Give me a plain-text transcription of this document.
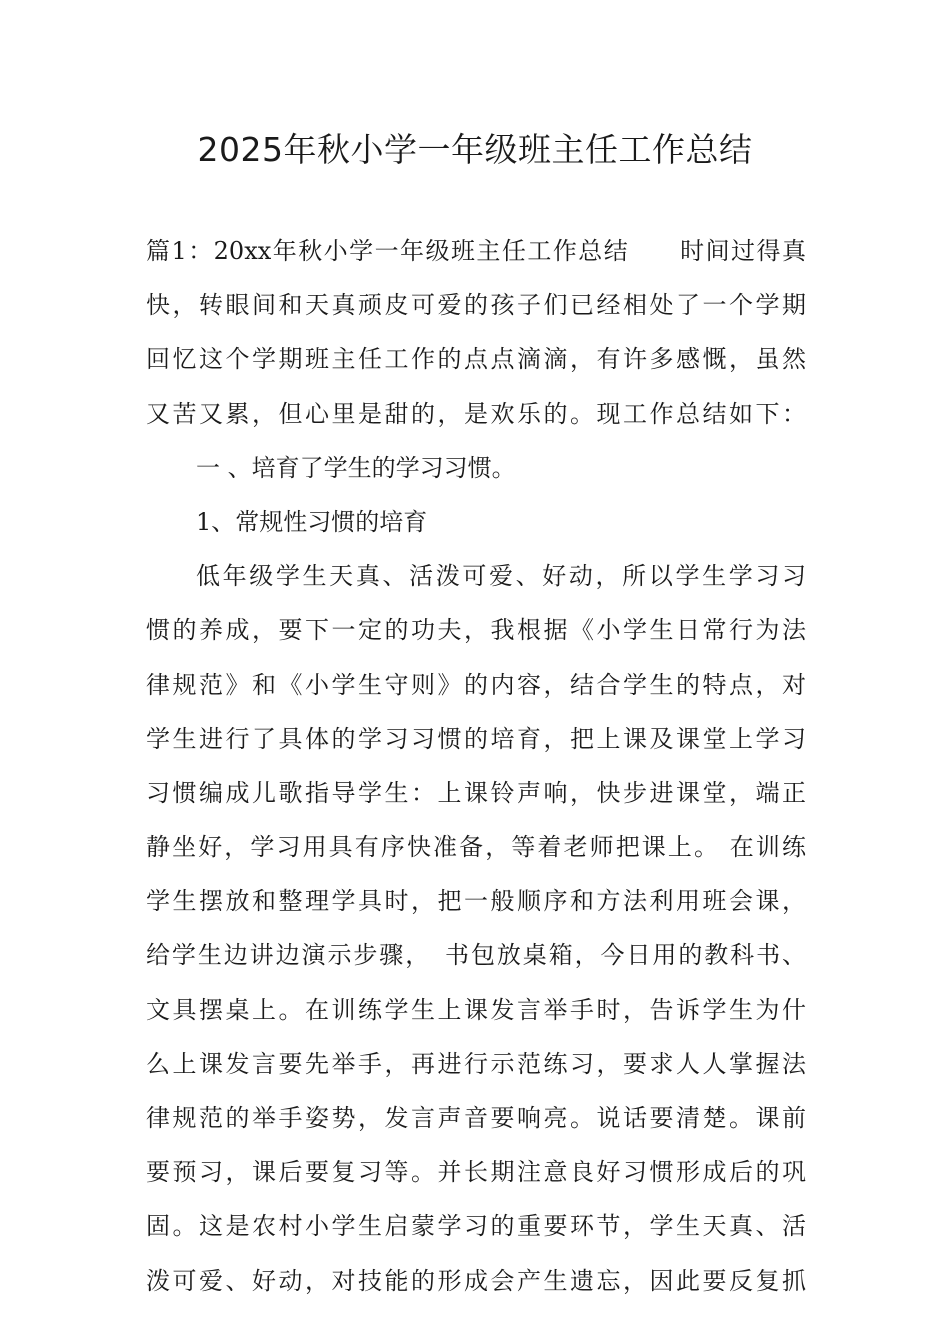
2025年秋小学一年级班主任工作总结
篇1：20xx年秋小学一年级班主任工作总结　　时间过得真
快，转眼间和天真顽皮可爱的孩子们已经相处了一个学期
回忆这个学期班主任工作的点点滴滴，有许多感慨，虽然
又苦又累，但心里是甜的，是欢乐的。现工作总结如下：
一 、培育了学生的学习习惯。
1、常规性习惯的培育
低年级学生天真、活泼可爱、好动，所以学生学习习
惯的养成，要下一定的功夫，我根据《小学生日常行为法
律规范》和《小学生守则》的内容，结合学生的特点，对
学生进行了具体的学习习惯的培育，把上课及课堂上学习
习惯编成儿歌指导学生：上课铃声响，快步进课堂，端正
静坐好，学习用具有序快准备，等着老师把课上。 在训练
学生摆放和整理学具时，把一般顺序和方法利用班会课，
给学生边讲边演示步骤，　书包放桌箱，今日用的教科书、
文具摆桌上。在训练学生上课发言举手时，告诉学生为什
么上课发言要先举手，再进行示范练习，要求人人掌握法
律规范的举手姿势，发言声音要响亮。说话要清楚。课前
要预习，课后要复习等。并长期注意良好习惯形成后的巩
固。这是农村小学生启蒙学习的重要环节，学生天真、活
泼可爱、好动，对技能的形成会产生遗忘，因此要反复抓
